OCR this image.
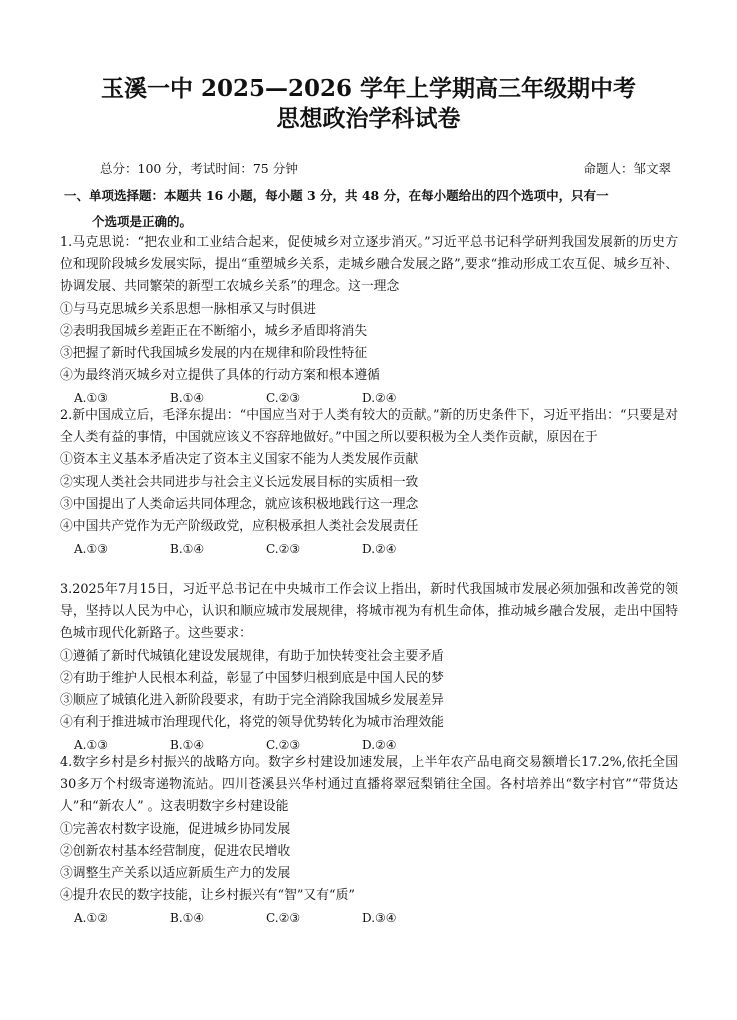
玉溪一中 2025—2026 学年上学期高三年级期中考
思想政治学科试卷
总分：100 分，考试时间：75 分钟	命题人：邹文翠
一、单项选择题：本题共 16 小题，每小题 3 分，共 48 分，在每小题给出的四个选项中，只有一
个选项是正确的。
1.马克思说：“把农业和工业结合起来，促使城乡对立逐步消灭。”习近平总书记科学研判我国发展新的历史方位和现阶段城乡发展实际，提出“重塑城乡关系，走城乡融合发展之路”,要求“推动形成工农互促、城乡互补、协调发展、共同繁荣的新型工农城乡关系”的理念。这一理念
①与马克思城乡关系思想一脉相承又与时俱进
②表明我国城乡差距正在不断缩小，城乡矛盾即将消失
③把握了新时代我国城乡发展的内在规律和阶段性特征
④为最终消灭城乡对立提供了具体的行动方案和根本遵循
A.①③	B.①④	C.②③	D.②④
2.新中国成立后，毛泽东提出：“中国应当对于人类有较大的贡献。”新的历史条件下，习近平指出：“只要是对全人类有益的事情，中国就应该义不容辞地做好。”中国之所以要积极为全人类作贡献，原因在于
①资本主义基本矛盾决定了资本主义国家不能为人类发展作贡献
②实现人类社会共同进步与社会主义长远发展目标的实质相一致
③中国提出了人类命运共同体理念，就应该积极地践行这一理念
④中国共产党作为无产阶级政党，应积极承担人类社会发展责任
A.①③	B.①④	C.②③	D.②④
3.2025年7月15日，习近平总书记在中央城市工作会议上指出，新时代我国城市发展必须加强和改善党的领导，坚持以人民为中心，认识和顺应城市发展规律，将城市视为有机生命体，推动城乡融合发展，走出中国特色城市现代化新路子。这些要求：
①遵循了新时代城镇化建设发展规律，有助于加快转变社会主要矛盾
②有助于维护人民根本利益，彰显了中国梦归根到底是中国人民的梦
③顺应了城镇化进入新阶段要求，有助于完全消除我国城乡发展差异
④有利于推进城市治理现代化，将党的领导优势转化为城市治理效能
A.①③	B.①④	C.②③	D.②④
4.数字乡村是乡村振兴的战略方向。数字乡村建设加速发展，上半年农产品电商交易额增长17.2%,依托全国30多万个村级寄递物流站。四川苍溪县兴华村通过直播将翠冠梨销往全国。各村培养出“数字村官”“带货达人”和“新农人” 。这表明数字乡村建设能
①完善农村数字设施，促进城乡协同发展
②创新农村基本经营制度，促进农民增收
③调整生产关系以适应新质生产力的发展
④提升农民的数字技能，让乡村振兴有“智”又有“质”
A.①②	B.①④	C.②③	D.③④
